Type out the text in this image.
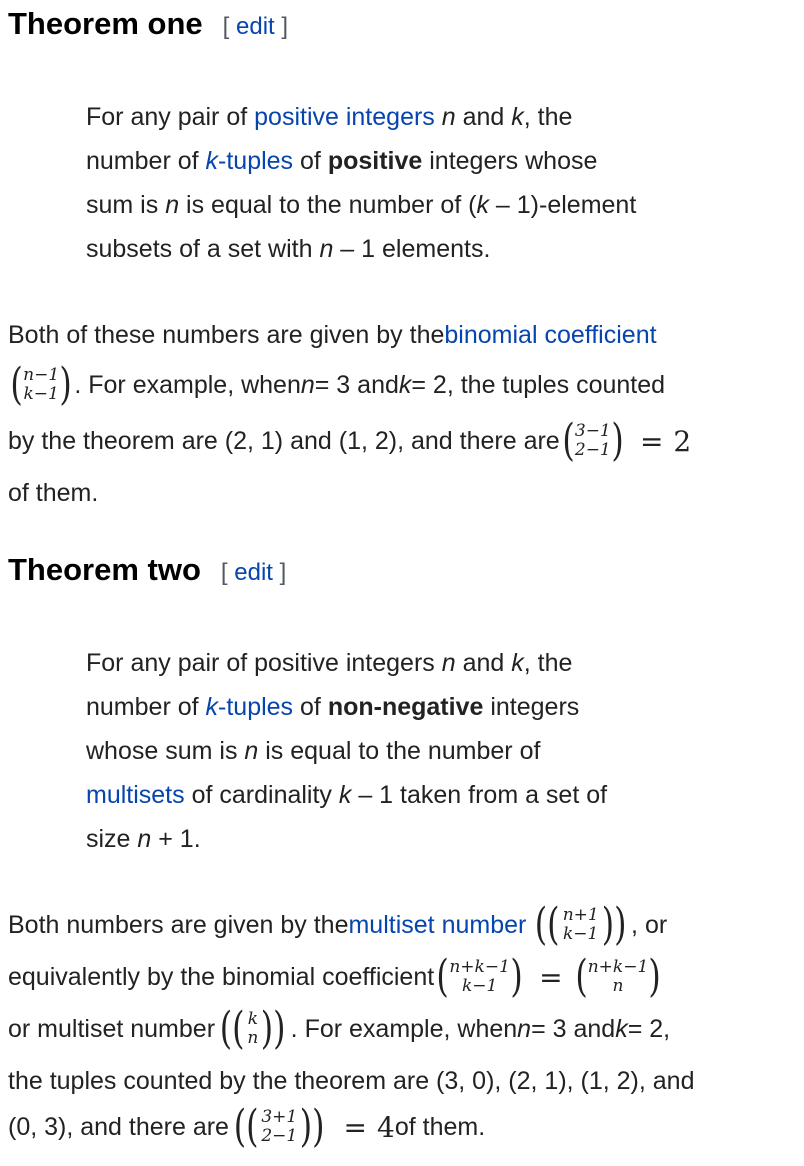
Theorem one [ edit ]
For any pair of positive integers n and k, the
number of k-tuples of positive integers whose
sum is n is equal to the number of (k – 1)-element
subsets of a set with n – 1 elements.
Both of these numbers are given by the binomial coefficient
( n−1
k−1 ) . For example, when n = 3 and k = 2, the tuples counted
by the theorem are (2, 1) and (1, 2), and there are ( 3−1
2−1 ) = 2
of them.
Theorem two [ edit ]
For any pair of positive integers n and k, the
number of k-tuples of non-negative integers
whose sum is n is equal to the number of
multisets of cardinality k – 1 taken from a set of
size n + 1.
Both numbers are given by the multiset number (( n+1
k−1 )) , or
equivalently by the binomial coefficient ( n+k−1
k−1 ) = ( n+k−1
n )
or multiset number (( k
n )) . For example, when n = 3 and k = 2,
the tuples counted by the theorem are (3, 0), (2, 1), (1, 2), and
(0, 3), and there are (( 3+1
2−1 )) = 4 of them.
